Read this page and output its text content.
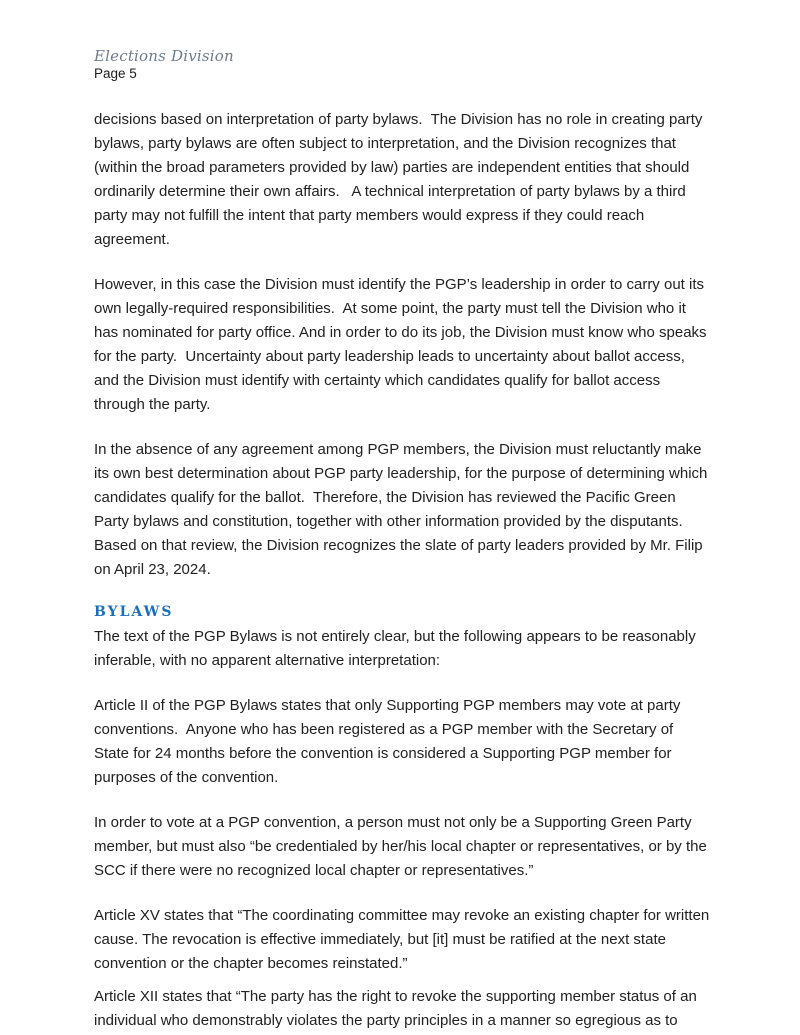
Elections Division
Page 5

decisions based on interpretation of party bylaws.  The Division has no role in creating party bylaws, party bylaws are often subject to interpretation, and the Division recognizes that (within the broad parameters provided by law) parties are independent entities that should ordinarily determine their own affairs.   A technical interpretation of party bylaws by a third party may not fulfill the intent that party members would express if they could reach agreement.

However, in this case the Division must identify the PGP’s leadership in order to carry out its own legally-required responsibilities.  At some point, the party must tell the Division who it has nominated for party office. And in order to do its job, the Division must know who speaks for the party.  Uncertainty about party leadership leads to uncertainty about ballot access, and the Division must identify with certainty which candidates qualify for ballot access through the party.

In the absence of any agreement among PGP members, the Division must reluctantly make its own best determination about PGP party leadership, for the purpose of determining which candidates qualify for the ballot.  Therefore, the Division has reviewed the Pacific Green Party bylaws and constitution, together with other information provided by the disputants.  Based on that review, the Division recognizes the slate of party leaders provided by Mr. Filip on April 23, 2024.

BYLAWS

The text of the PGP Bylaws is not entirely clear, but the following appears to be reasonably inferable, with no apparent alternative interpretation:

Article II of the PGP Bylaws states that only Supporting PGP members may vote at party conventions.  Anyone who has been registered as a PGP member with the Secretary of State for 24 months before the convention is considered a Supporting PGP member for purposes of the convention.

In order to vote at a PGP convention, a person must not only be a Supporting Green Party member, but must also “be credentialed by her/his local chapter or representatives, or by the SCC if there were no recognized local chapter or representatives.”

Article XV states that “The coordinating committee may revoke an existing chapter for written cause. The revocation is effective immediately, but [it] must be ratified at the next state convention or the chapter becomes reinstated.”

Article XII states that “The party has the right to revoke the supporting member status of an individual who demonstrably violates the party principles in a manner so egregious as to
